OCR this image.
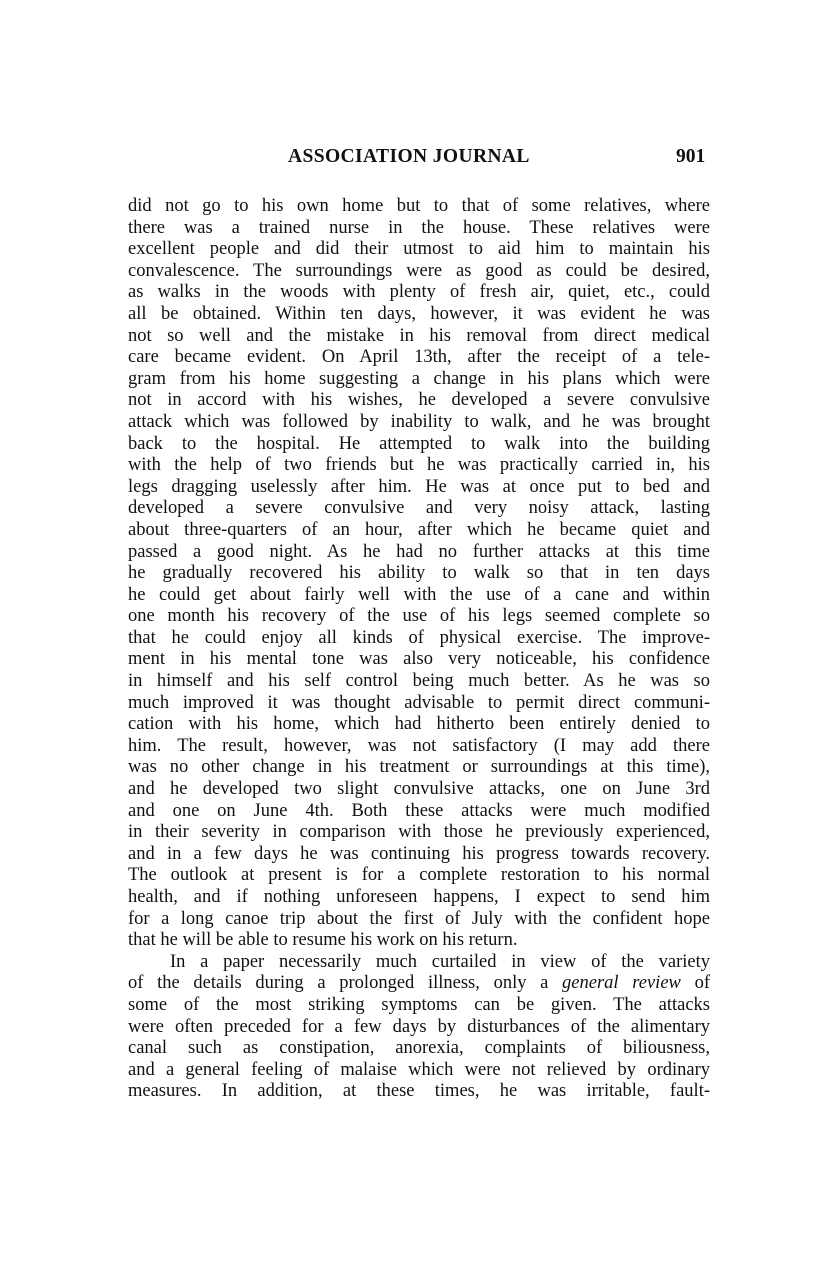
ASSOCIATION JOURNAL	901
did not go to his own home but to that of some relatives, where
there was a trained nurse in the house. These relatives were
excellent people and did their utmost to aid him to maintain his
convalescence. The surroundings were as good as could be desired,
as walks in the woods with plenty of fresh air, quiet, etc., could
all be obtained. Within ten days, however, it was evident he was
not so well and the mistake in his removal from direct medical
care became evident. On April 13th, after the receipt of a tele-
gram from his home suggesting a change in his plans which were
not in accord with his wishes, he developed a severe convulsive
attack which was followed by inability to walk, and he was brought
back to the hospital. He attempted to walk into the building
with the help of two friends but he was practically carried in, his
legs dragging uselessly after him. He was at once put to bed and
developed a severe convulsive and very noisy attack, lasting
about three-quarters of an hour, after which he became quiet and
passed a good night. As he had no further attacks at this time
he gradually recovered his ability to walk so that in ten days
he could get about fairly well with the use of a cane and within
one month his recovery of the use of his legs seemed complete so
that he could enjoy all kinds of physical exercise. The improve-
ment in his mental tone was also very noticeable, his confidence
in himself and his self control being much better. As he was so
much improved it was thought advisable to permit direct communi-
cation with his home, which had hitherto been entirely denied to
him. The result, however, was not satisfactory (I may add there
was no other change in his treatment or surroundings at this time),
and he developed two slight convulsive attacks, one on June 3rd
and one on June 4th. Both these attacks were much modified
in their severity in comparison with those he previously experienced,
and in a few days he was continuing his progress towards recovery.
The outlook at present is for a complete restoration to his normal
health, and if nothing unforeseen happens, I expect to send him
for a long canoe trip about the first of July with the confident hope
that he will be able to resume his work on his return.
In a paper necessarily much curtailed in view of the variety
of the details during a prolonged illness, only a general review of
some of the most striking symptoms can be given. The attacks
were often preceded for a few days by disturbances of the alimentary
canal such as constipation, anorexia, complaints of biliousness,
and a general feeling of malaise which were not relieved by ordinary
measures. In addition, at these times, he was irritable, fault-
